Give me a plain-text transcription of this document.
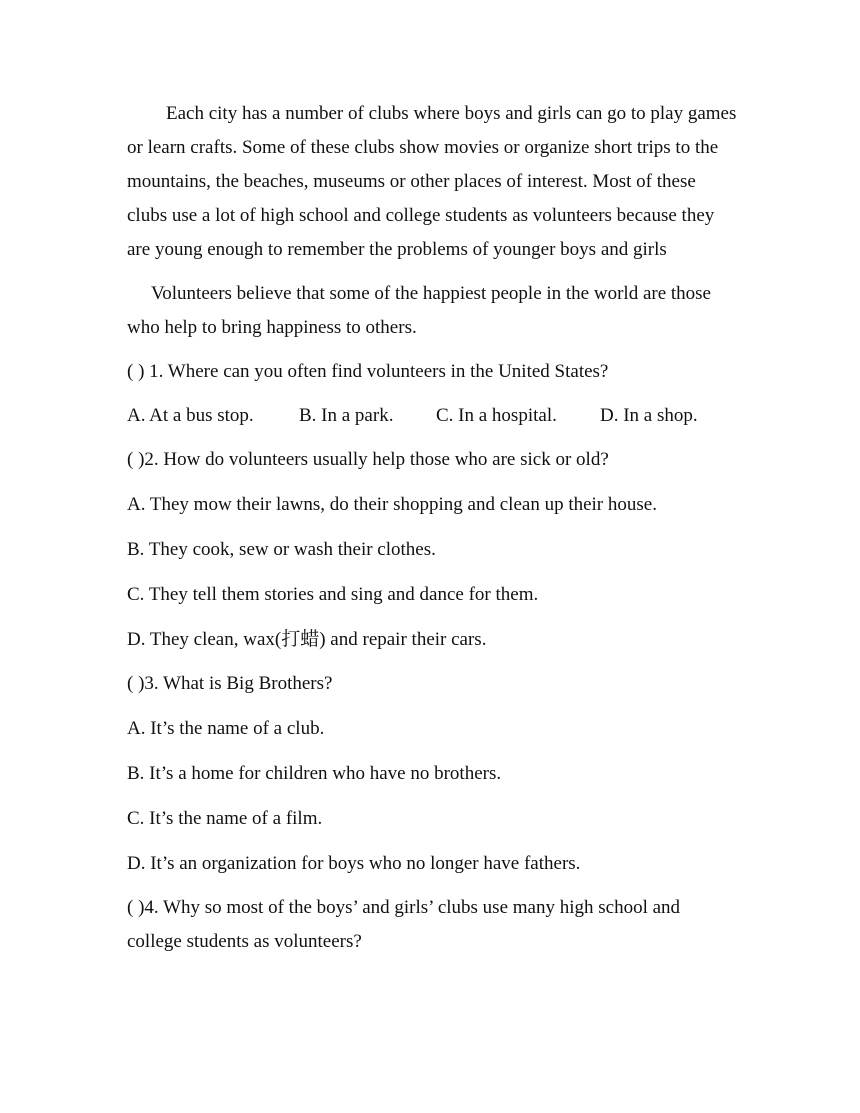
Each city has a number of clubs where boys and girls can go to play games or learn crafts. Some of these clubs show movies or organize short trips to the mountains, the beaches, museums or other places of interest. Most of these clubs use a lot of high school and college students as volunteers because they are young enough to remember the problems of younger boys and girls

Volunteers believe that some of the happiest people in the world are those who help to bring happiness to others.

( ) 1. Where can you often find volunteers in the United States?

A. At a bus stop. B. In a park. C. In a hospital. D. In a shop.

( )2. How do volunteers usually help those who are sick or old?

A. They mow their lawns, do their shopping and clean up their house.

B. They cook, sew or wash their clothes.

C. They tell them stories and sing and dance for them.

D. They clean, wax(打蜡) and repair their cars.

( )3. What is Big Brothers?

A. It’s the name of a club.

B. It’s a home for children who have no brothers.

C. It’s the name of a film.

D. It’s an organization for boys who no longer have fathers.

( )4. Why so most of the boys’ and girls’ clubs use many high school and college students as volunteers?
